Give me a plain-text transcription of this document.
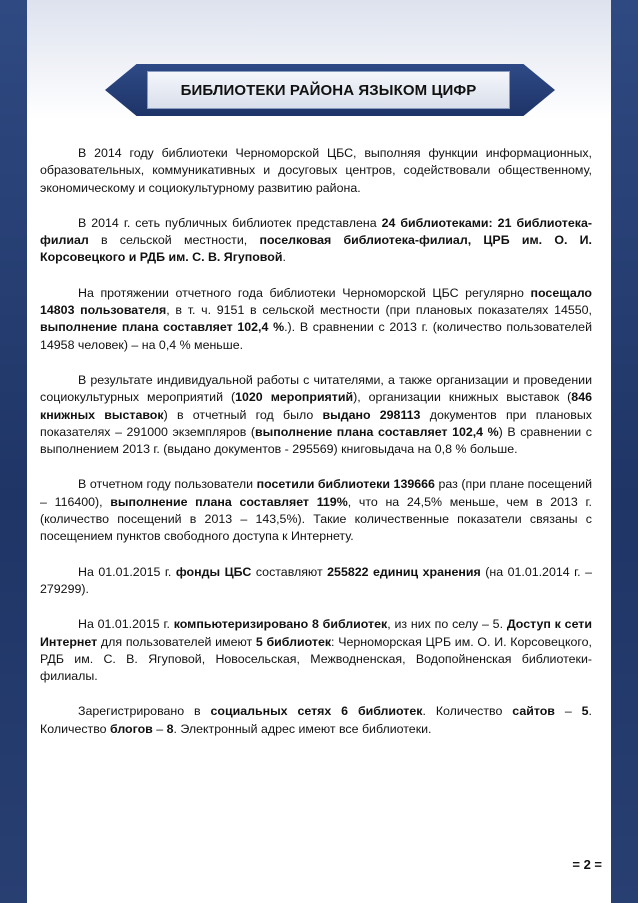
БИБЛИОТЕКИ РАЙОНА ЯЗЫКОМ ЦИФР

В 2014 году библиотеки Черноморской ЦБС, выполняя функции информационных, образовательных, коммуникативных и досуговых центров, содействовали общественному, экономическому и социокультурному развитию района.

В 2014 г. сеть публичных библиотек представлена 24 библиотеками: 21 библиотека-филиал в сельской местности, поселковая библиотека-филиал, ЦРБ им. О. И. Корсовецкого и РДБ им. С. В. Ягуповой.

На протяжении отчетного года библиотеки Черноморской ЦБС регулярно посещало 14803 пользователя, в т. ч. 9151 в сельской местности (при плановых показателях 14550, выполнение плана составляет 102,4 %.). В сравнении с 2013 г. (количество пользователей 14958 человек) – на 0,4 % меньше.

В результате индивидуальной работы с читателями, а также организации и проведении социокультурных мероприятий (1020 мероприятий), организации книжных выставок (846 книжных выставок) в отчетный год было выдано 298113 документов при плановых показателях – 291000 экземпляров (выполнение плана составляет 102,4 %) В сравнении с выполнением 2013 г. (выдано документов - 295569) книговыдача на 0,8 % больше.

В отчетном году пользователи посетили библиотеки 139666 раз (при плане посещений – 116400), выполнение плана составляет 119%, что на 24,5% меньше, чем в 2013 г. (количество посещений в 2013 – 143,5%). Такие количественные показатели связаны с посещением пунктов свободного доступа к Интернету.

На 01.01.2015 г. фонды ЦБС составляют 255822 единиц хранения (на 01.01.2014 г. – 279299).

На 01.01.2015 г. компьютеризировано 8 библиотек, из них по селу – 5. Доступ к сети Интернет для пользователей имеют 5 библиотек: Черноморская ЦРБ им. О. И. Корсовецкого, РДБ им. С. В. Ягуповой, Новосельская, Межводненская, Водопойненская библиотеки-филиалы.

Зарегистрировано в социальных сетях 6 библиотек. Количество сайтов – 5. Количество блогов – 8. Электронный адрес имеют все библиотеки.

= 2 =
